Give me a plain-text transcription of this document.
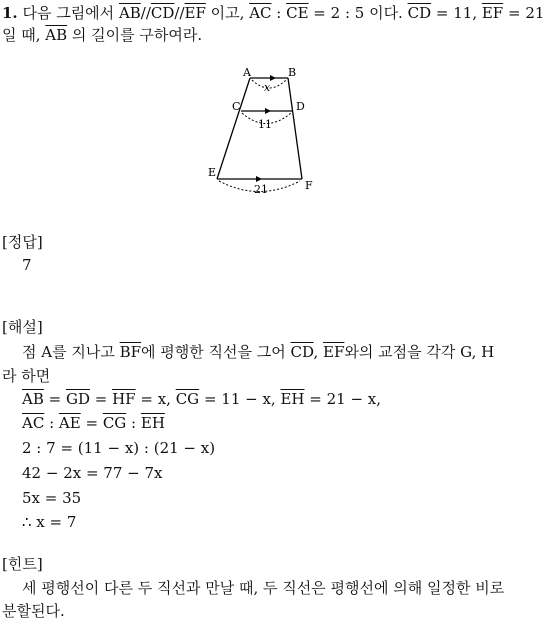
1. 다음 그림에서 $\overline{AB}//\overline{CD}//\overline{EF}$ 이고, $\overline{AC}$ : $\overline{CE} = 2$ : 5 이다. $\overline{CD} = 11$, $\overline{EF} = 21$
일 때, $\overline{AB}$ 의 길이를 구하여라.
A	B
C	D
E
F
x
11
21
[정답]
7
[해설]
점 A를 지나고 $\overline{BF}$에 평행한 직선을 그어 $\overline{CD}$, $\overline{EF}$와의 교점을 각각 G, H
라 하면
$\overline{AB} = \overline{GD} = \overline{HF} = x$, $\overline{CG} = 11 - x$, $\overline{EH} = 21 - x$,
$\overline{AC}$ : $\overline{AE} = \overline{CG}$ : $\overline{EH}$
2 : 7 = (11 − x) : (21 − x)
42 − 2x = 77 − 7x
5x = 35
∴ x = 7
[힌트]
세 평행선이 다른 두 직선과 만날 때, 두 직선은 평행선에 의해 일정한 비로
분할된다.
